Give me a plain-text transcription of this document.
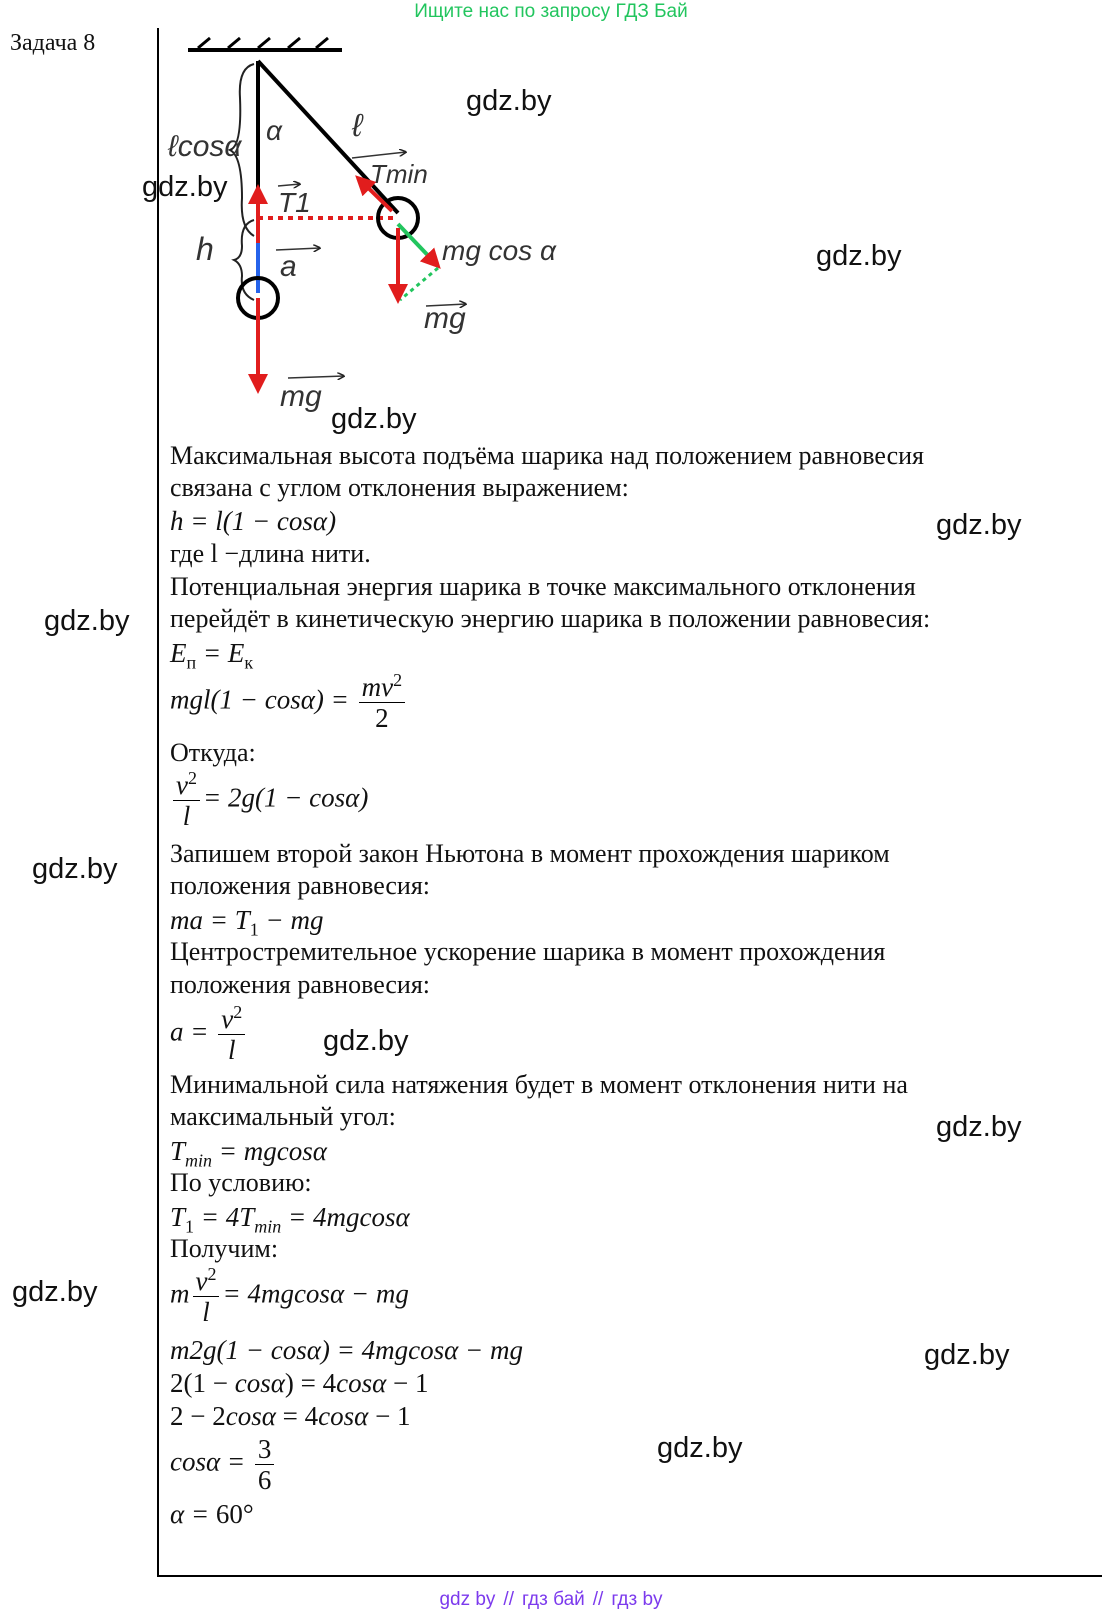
Ищите нас по запросу ГДЗ Бай
Задача 8
ℓcosα α ℓ
Tmin
T1
h a
mg
mg cos α
mg
gdz.by
gdz.by
gdz.by
gdz.by
gdz.by
gdz.by
gdz.by
gdz.by
gdz.by
gdz.by
gdz.by
gdz.by
Максимальная высота подъёма шарика над положением равновесия
связана с углом отклонения выражением:
h = l(1 − cosα)
где l −длина нити.
Потенциальная энергия шарика в точке максимального отклонения
перейдёт в кинетическую энергию шарика в положении равновесия:
$E_п = E_к$
$mgl(1 - \cos\alpha) = \frac{mv^2}{2}$
Откуда:
$\frac{v^2}{l} = 2g(1 - \cos\alpha)$
Запишем второй закон Ньютона в момент прохождения шариком
положения равновесия:
ma = $T_1$ − mg
Центростремительное ускорение шарика в момент прохождения
положения равновесия:
$a = \frac{v^2}{l}$
Минимальной сила натяжения будет в момент отклонения нити на
максимальный угол:
$T_{min} = mgcos\alpha$
По условию:
$T_1 = 4T_{min} = 4mgcos\alpha$
Получим:
m $\frac{v^2}{l} = 4mgcos\alpha$ − mg
m2g(1 − cosα) = 4mgcosα − mg
2(1 − cosα) = 4cosα − 1
2 − 2cosα = 4cosα − 1
$\cos\alpha = \frac{3}{6}$
α = 60°
gdz by // гдз бай // гдз by
